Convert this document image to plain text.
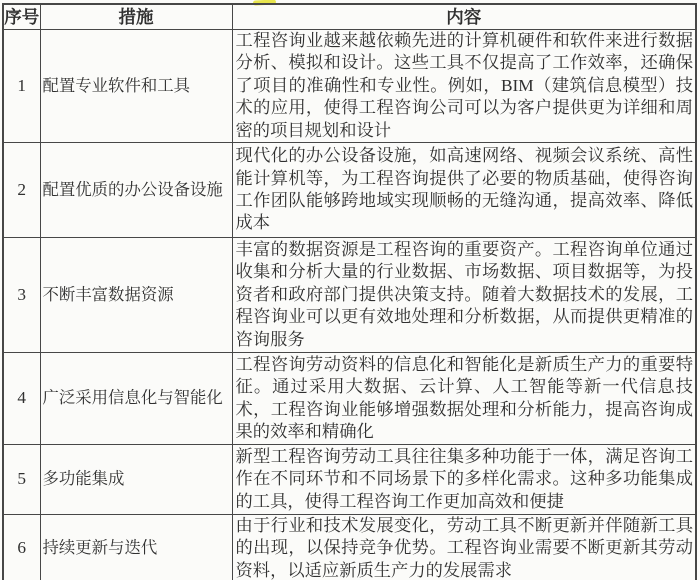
序号	措施	内容
1	配置专业软件和工具	工程咨询业越来越依赖先进的计算机硬件和软件来进行数据分析、模拟和设计。这些工具不仅提高了工作效率，还确保了项目的准确性和专业性。例如，BIM（建筑信息模型）技术的应用，使得工程咨询公司可以为客户提供更为详细和周密的项目规划和设计
2	配置优质的办公设备设施	现代化的办公设备设施，如高速网络、视频会议系统、高性能计算机等，为工程咨询提供了必要的物质基础，使得咨询工作团队能够跨地域实现顺畅的无缝沟通，提高效率、降低成本
3	不断丰富数据资源	丰富的数据资源是工程咨询的重要资产。工程咨询单位通过收集和分析大量的行业数据、市场数据、项目数据等，为投资者和政府部门提供决策支持。随着大数据技术的发展，工程咨询业可以更有效地处理和分析数据，从而提供更精准的咨询服务
4	广泛采用信息化与智能化	工程咨询劳动资料的信息化和智能化是新质生产力的重要特征。通过采用大数据、云计算、人工智能等新一代信息技术，工程咨询业能够增强数据处理和分析能力，提高咨询成果的效率和精确化
5	多功能集成	新型工程咨询劳动工具往往集多种功能于一体，满足咨询工作在不同环节和不同场景下的多样化需求。这种多功能集成的工具，使得工程咨询工作更加高效和便捷
6	持续更新与迭代	由于行业和技术发展变化，劳动工具不断更新并伴随新工具的出现，以保持竞争优势。工程咨询业需要不断更新其劳动资料，以适应新质生产力的发展需求
